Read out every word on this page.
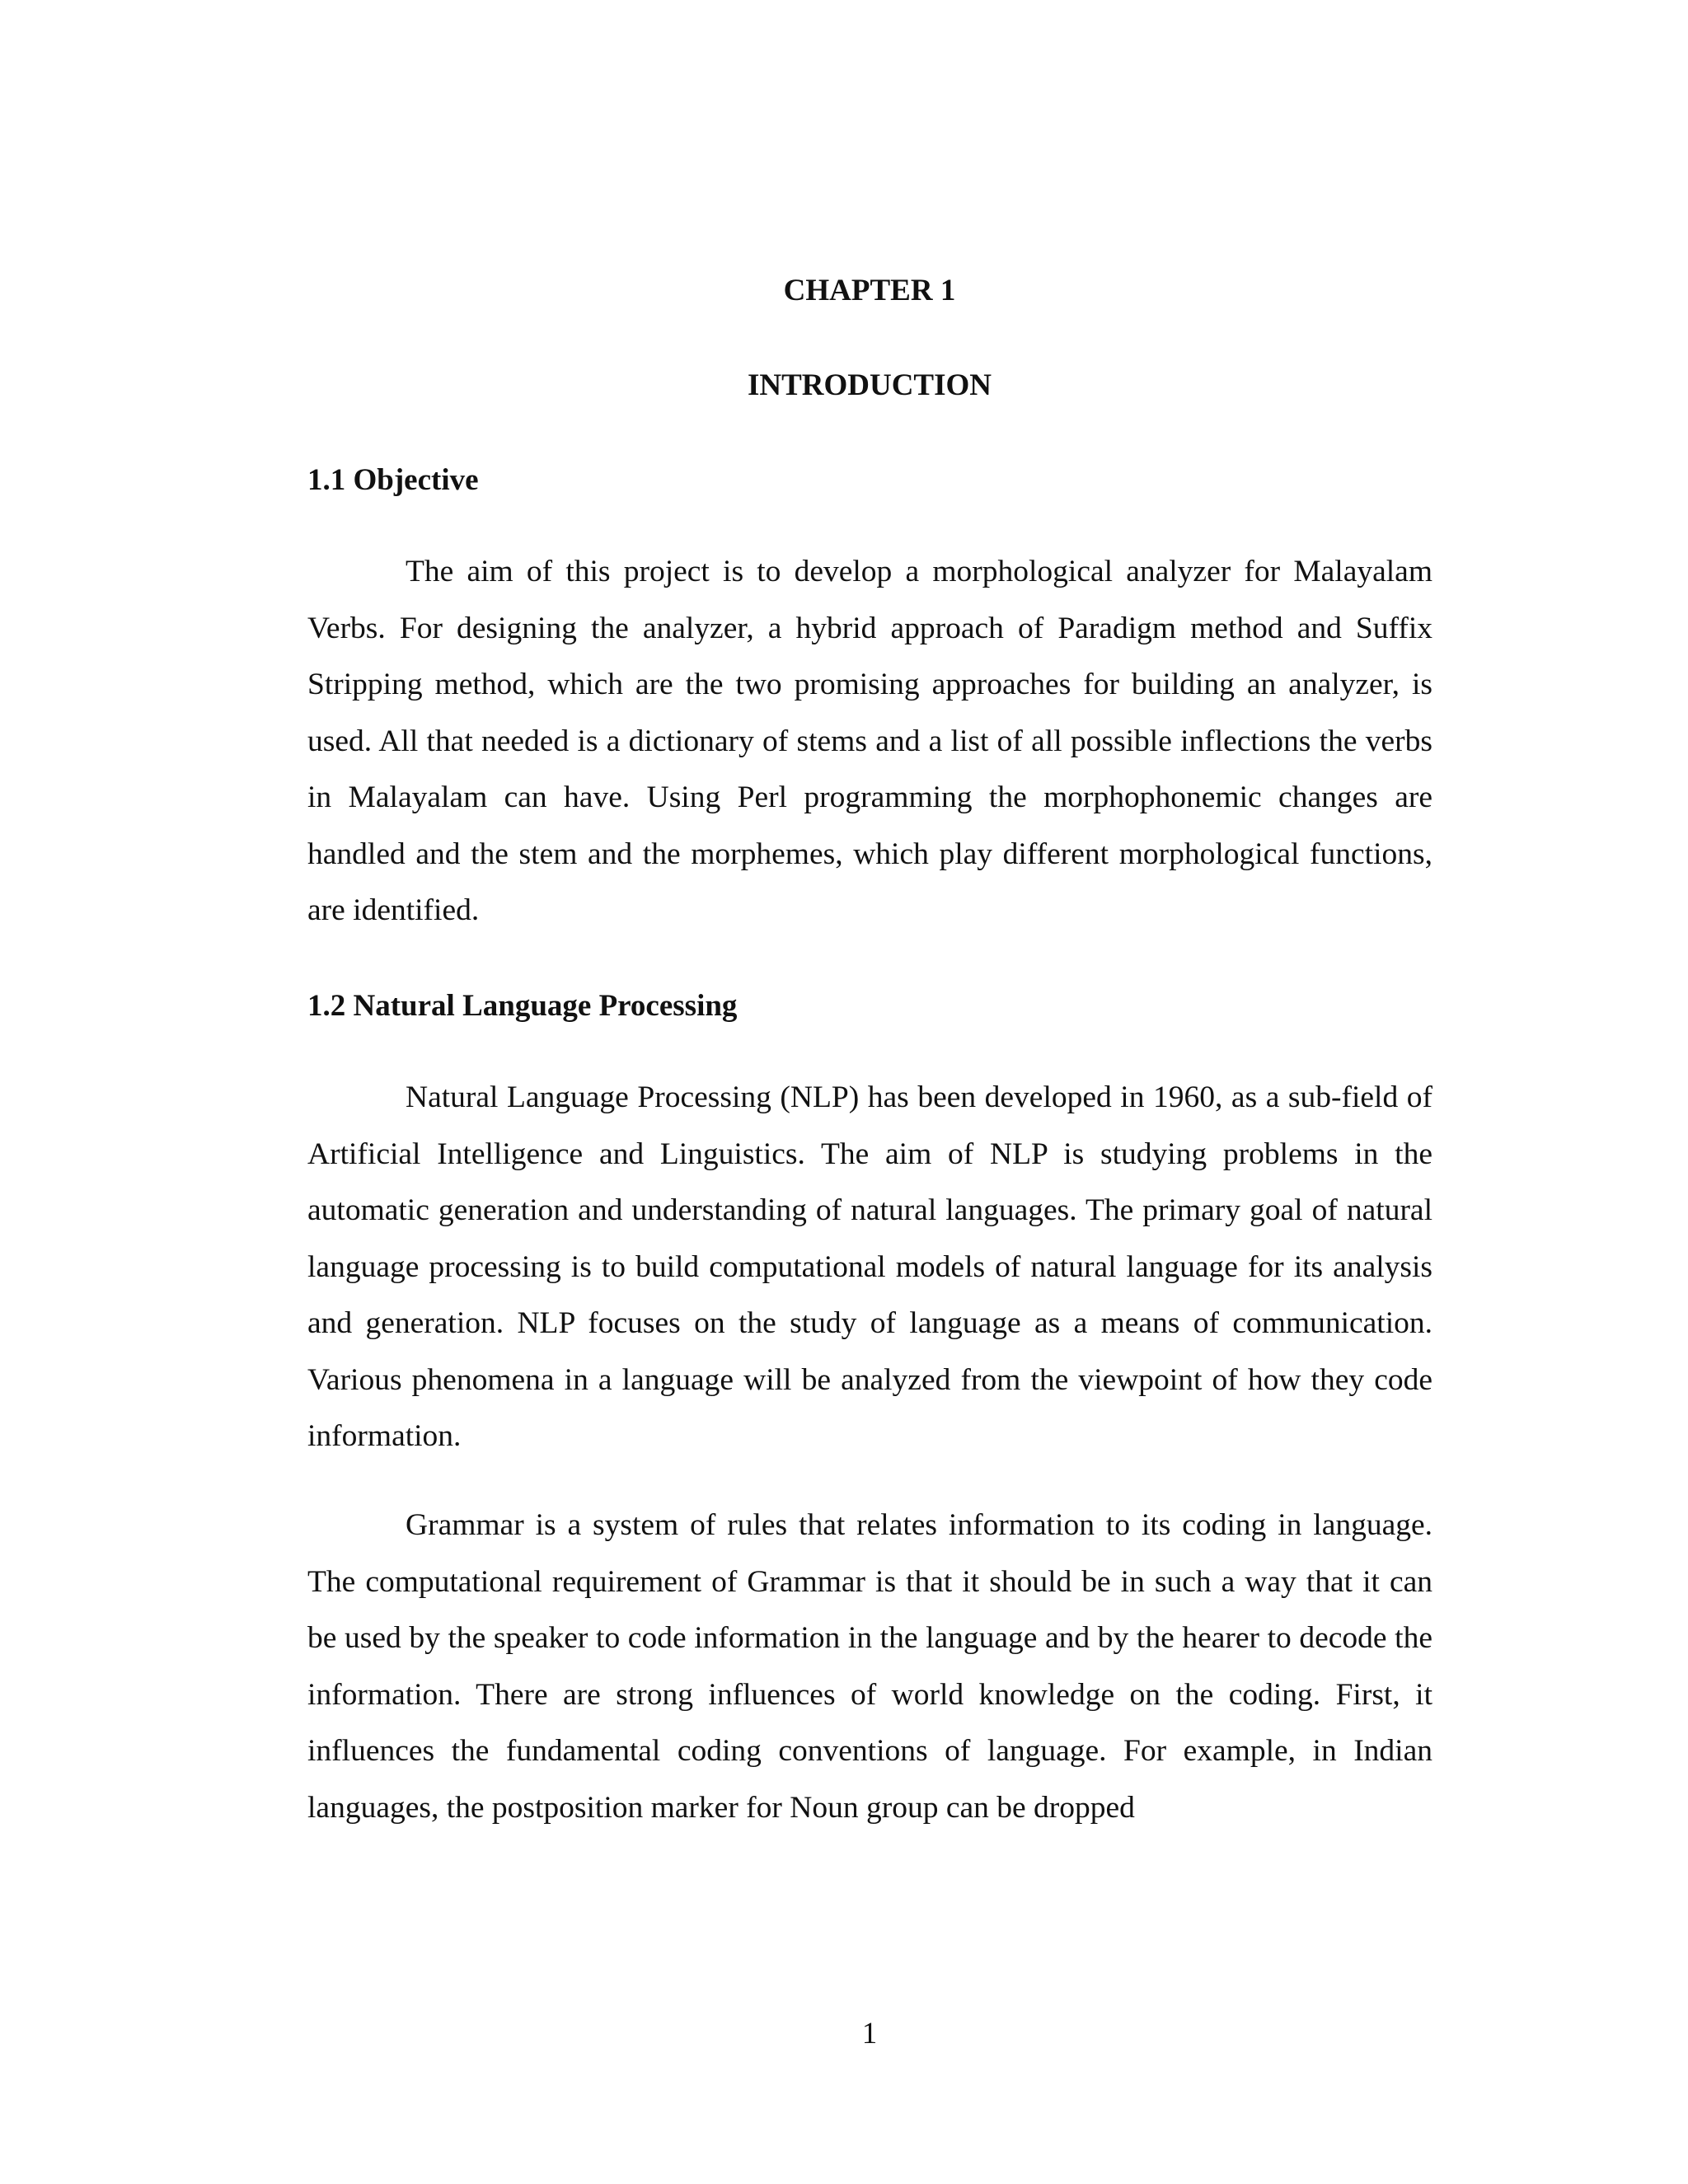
CHAPTER 1
INTRODUCTION
1.1 Objective

The aim of this project is to develop a morphological analyzer for Malayalam Verbs. For designing the analyzer, a hybrid approach of Paradigm method and Suffix Stripping method, which are the two promising approaches for building an analyzer, is used. All that needed is a dictionary of stems and a list of all possible inflections the verbs in Malayalam can have. Using Perl programming the morphophonemic changes are handled and the stem and the morphemes, which play different morphological functions, are identified.

1.2 Natural Language Processing

Natural Language Processing (NLP) has been developed in 1960, as a sub-field of Artificial Intelligence and Linguistics. The aim of NLP is studying problems in the automatic generation and understanding of natural languages. The primary goal of natural language processing is to build computational models of natural language for its analysis and generation. NLP focuses on the study of language as a means of communication. Various phenomena in a language will be analyzed from the viewpoint of how they code information.

Grammar is a system of rules that relates information to its coding in language. The computational requirement of Grammar is that it should be in such a way that it can be used by the speaker to code information in the language and by the hearer to decode the information. There are strong influences of world knowledge on the coding. First, it influences the fundamental coding conventions of language. For example, in Indian languages, the postposition marker for Noun group can be dropped

1
